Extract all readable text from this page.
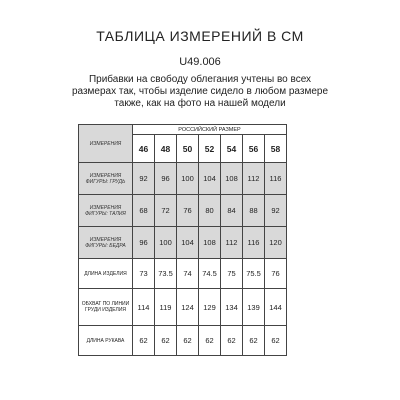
ТАБЛИЦА ИЗМЕРЕНИЙ В СМ
U49.006
Прибавки на свободу облегания учтены во всех размерах так, чтобы изделие сидело в любом размере также, как на фото на нашей модели
ИЗМЕРЕНИЯ	РОССИЙСКИЙ РАЗМЕР						
	46	48	50	52	54	56	58
ИЗМЕРЕНИЯ ФИГУРЫ: ГРУДЬ	92	96	100	104	108	112	116
ИЗМЕРЕНИЯ ФИГУРЫ: ТАЛИЯ	68	72	76	80	84	88	92
ИЗМЕРЕНИЯ ФИГУРЫ: БЕДРА	96	100	104	108	112	116	120
ДЛИНА ИЗДЕЛИЯ	73	73.5	74	74.5	75	75.5	76
ОБХВАТ ПО ЛИНИИ ГРУДИ ИЗДЕЛИЯ	114	119	124	129	134	139	144
ДЛИНА РУКАВА	62	62	62	62	62	62	62
